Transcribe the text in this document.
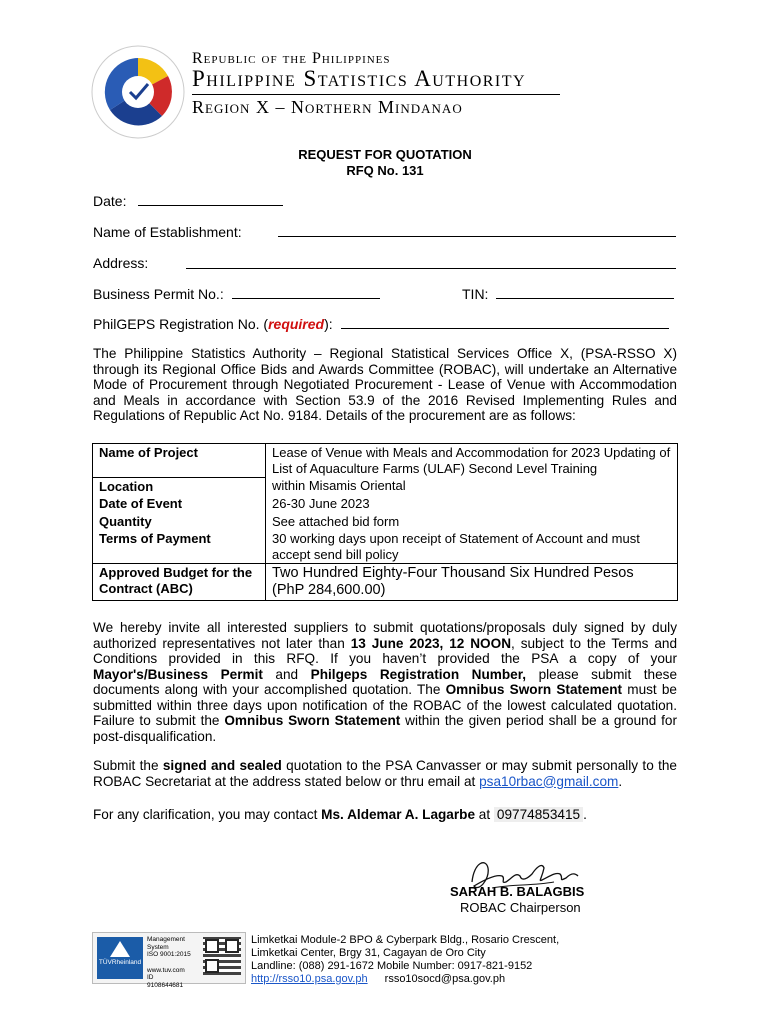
Republic of the Philippines
Philippine Statistics Authority
Region X – Northern Mindanao
REQUEST FOR QUOTATION
RFQ No. 131
Date:
Name of Establishment:
Address:
Business Permit No.:	TIN:
PhilGEPS Registration No. (required):

The Philippine Statistics Authority – Regional Statistical Services Office X, (PSA-RSSO X) through its Regional Office Bids and Awards Committee (ROBAC), will undertake an Alternative Mode of Procurement through Negotiated Procurement - Lease of Venue with Accommodation and Meals in accordance with Section 53.9 of the 2016 Revised Implementing Rules and Regulations of Republic Act No. 9184. Details of the procurement are as follows:

Name of Project	Lease of Venue with Meals and Accommodation for 2023 Updating of List of Aquaculture Farms (ULAF) Second Level Training
Location	within Misamis Oriental
Date of Event	26-30 June 2023
Quantity	See attached bid form
Terms of Payment	30 working days upon receipt of Statement of Account and must accept send bill policy
Approved Budget for the Contract (ABC)	Two Hundred Eighty-Four Thousand Six Hundred Pesos
(PhP 284,600.00)

We hereby invite all interested suppliers to submit quotations/proposals duly signed by duly authorized representatives not later than 13 June 2023, 12 NOON, subject to the Terms and Conditions provided in this RFQ. If you haven’t provided the PSA a copy of your Mayor's/Business Permit and Philgeps Registration Number, please submit these documents along with your accomplished quotation. The Omnibus Sworn Statement must be submitted within three days upon notification of the ROBAC of the lowest calculated quotation. Failure to submit the Omnibus Sworn Statement within the given period shall be a ground for post-disqualification.

Submit the signed and sealed quotation to the PSA Canvasser or may submit personally to the ROBAC Secretariat at the address stated below or thru email at psa10rbac@gmail.com.

For any clarification, you may contact Ms. Aldemar A. Lagarbe at 09774853415 .

SARAH B. BALAGBIS
ROBAC Chairperson
TÜVRheinland
Management System
ISO 9001:2015
www.tuv.com
ID 9108644681
Limketkai Module-2 BPO & Cyberpark Bldg., Rosario Crescent,
Limketkai Center, Brgy 31, Cagayan de Oro City
Landline: (088) 291-1672 Mobile Number: 0917-821-9152
http://rsso10.psa.gov.ph rsso10socd@psa.gov.ph
